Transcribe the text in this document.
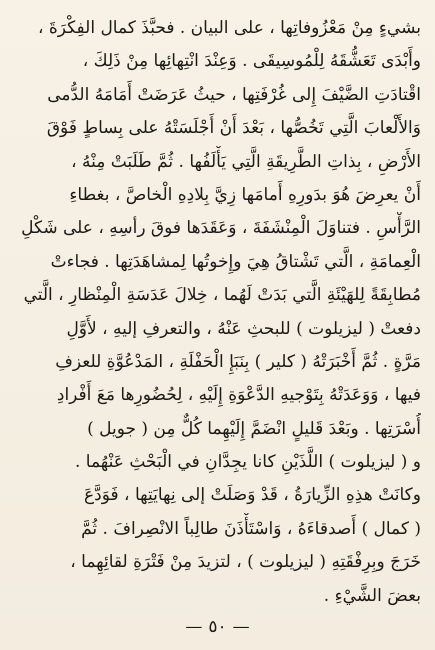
بشيءٍ مِنْ مَعْزُوفاتِها ، على البيان . فحبَّذَ كمال الفِكْرَةَ ،
وأَبْدَى تَعَشُّقَهُ لِلْمُوسِيقَى . وَعِنْدَ انْتِهائِها مِنْ ذَلِكَ ،
اقْتادَتِ الضَّيْفَ إِلى غُرْفَتِها ، حيثُ عَرَضَتْ أَمَامَهُ الدُّمى
وَالأَلْعابَ الَّتِي تَخُصُّها ، بَعْدَ أَنْ أَجْلَسَتْهُ على بِساطٍ فَوْقَ
الأَرْضِ ، بِذاتِ الطَّرِيقَةِ الَّتِي يَأْلَفُها . ثُمَّ طَلَبَتْ مِنْهُ ،
أَنْ يعرِضَ هُوَ بدَورِهِ أَمامَها زِيَّ بِلادِهِ الْخاصَّ ، بغطاءِ
الرَّأْسِ . فتناوَلَ الْمِنْشَفَةَ ، وَعَقَدَها فوقَ رأسِهِ ، على شَكْلِ
الْعِمامَةِ ، الَّتي تَشْتاقُ هِيَ وإِخوتُها لِمشاهَدَتِها . فجاءتْ
مُطابِقَةً لِلهَيْئَةِ الَّتي بَدَتْ لَهُما ، خِلالَ عَدَسَةِ الْمِنْظارِ ، الَّتي
دفعتْ ( ليزيلوت ) للبحثِ عَنْهُ ، والتعرفِ إليهِ ، لأَوَّلِ
مَرَّةٍ . ثُمَّ أَخْبَرَتْهُ ( كلير ) بِنَبَإِ الْحَفْلَةِ ، المَدْعُوَّةِ للعزفِ
فيها ، وَوَعَدَتْهُ بِتَوْجيهِ الدَّعْوَةِ إِلَيْهِ ، لِحُضُورِها مَعَ أَفْرادِ
أُسْرَتِها . وبَعْدَ قَليلٍ انْضَمَّ إِلَيْهِما كُلٌّ مِن ( جويل )
و ( ليزيلوت ) اللَّذَيْنِ كانا يجِدَّانِ في الْبَحْثِ عَنْهُما .
وكانَتْ هذِهِ الزِّيارَةُ ، قَدْ وَصَلَتْ إلى نِهايَتِها ، فَوَدَّعَ
( كمال ) أَصدقاءَهُ ، وَاسْتَأْذَنَ طالِباً الانْصِرافَ . ثُمَّ
خَرَجَ وبِرِفْقَتِهِ ( ليزيلوت ) ، لتزيدَ مِنْ فَتْرَةِ لقائِهِما ،
بعضَ الشَّيْءِ .
—
٥٠
—
